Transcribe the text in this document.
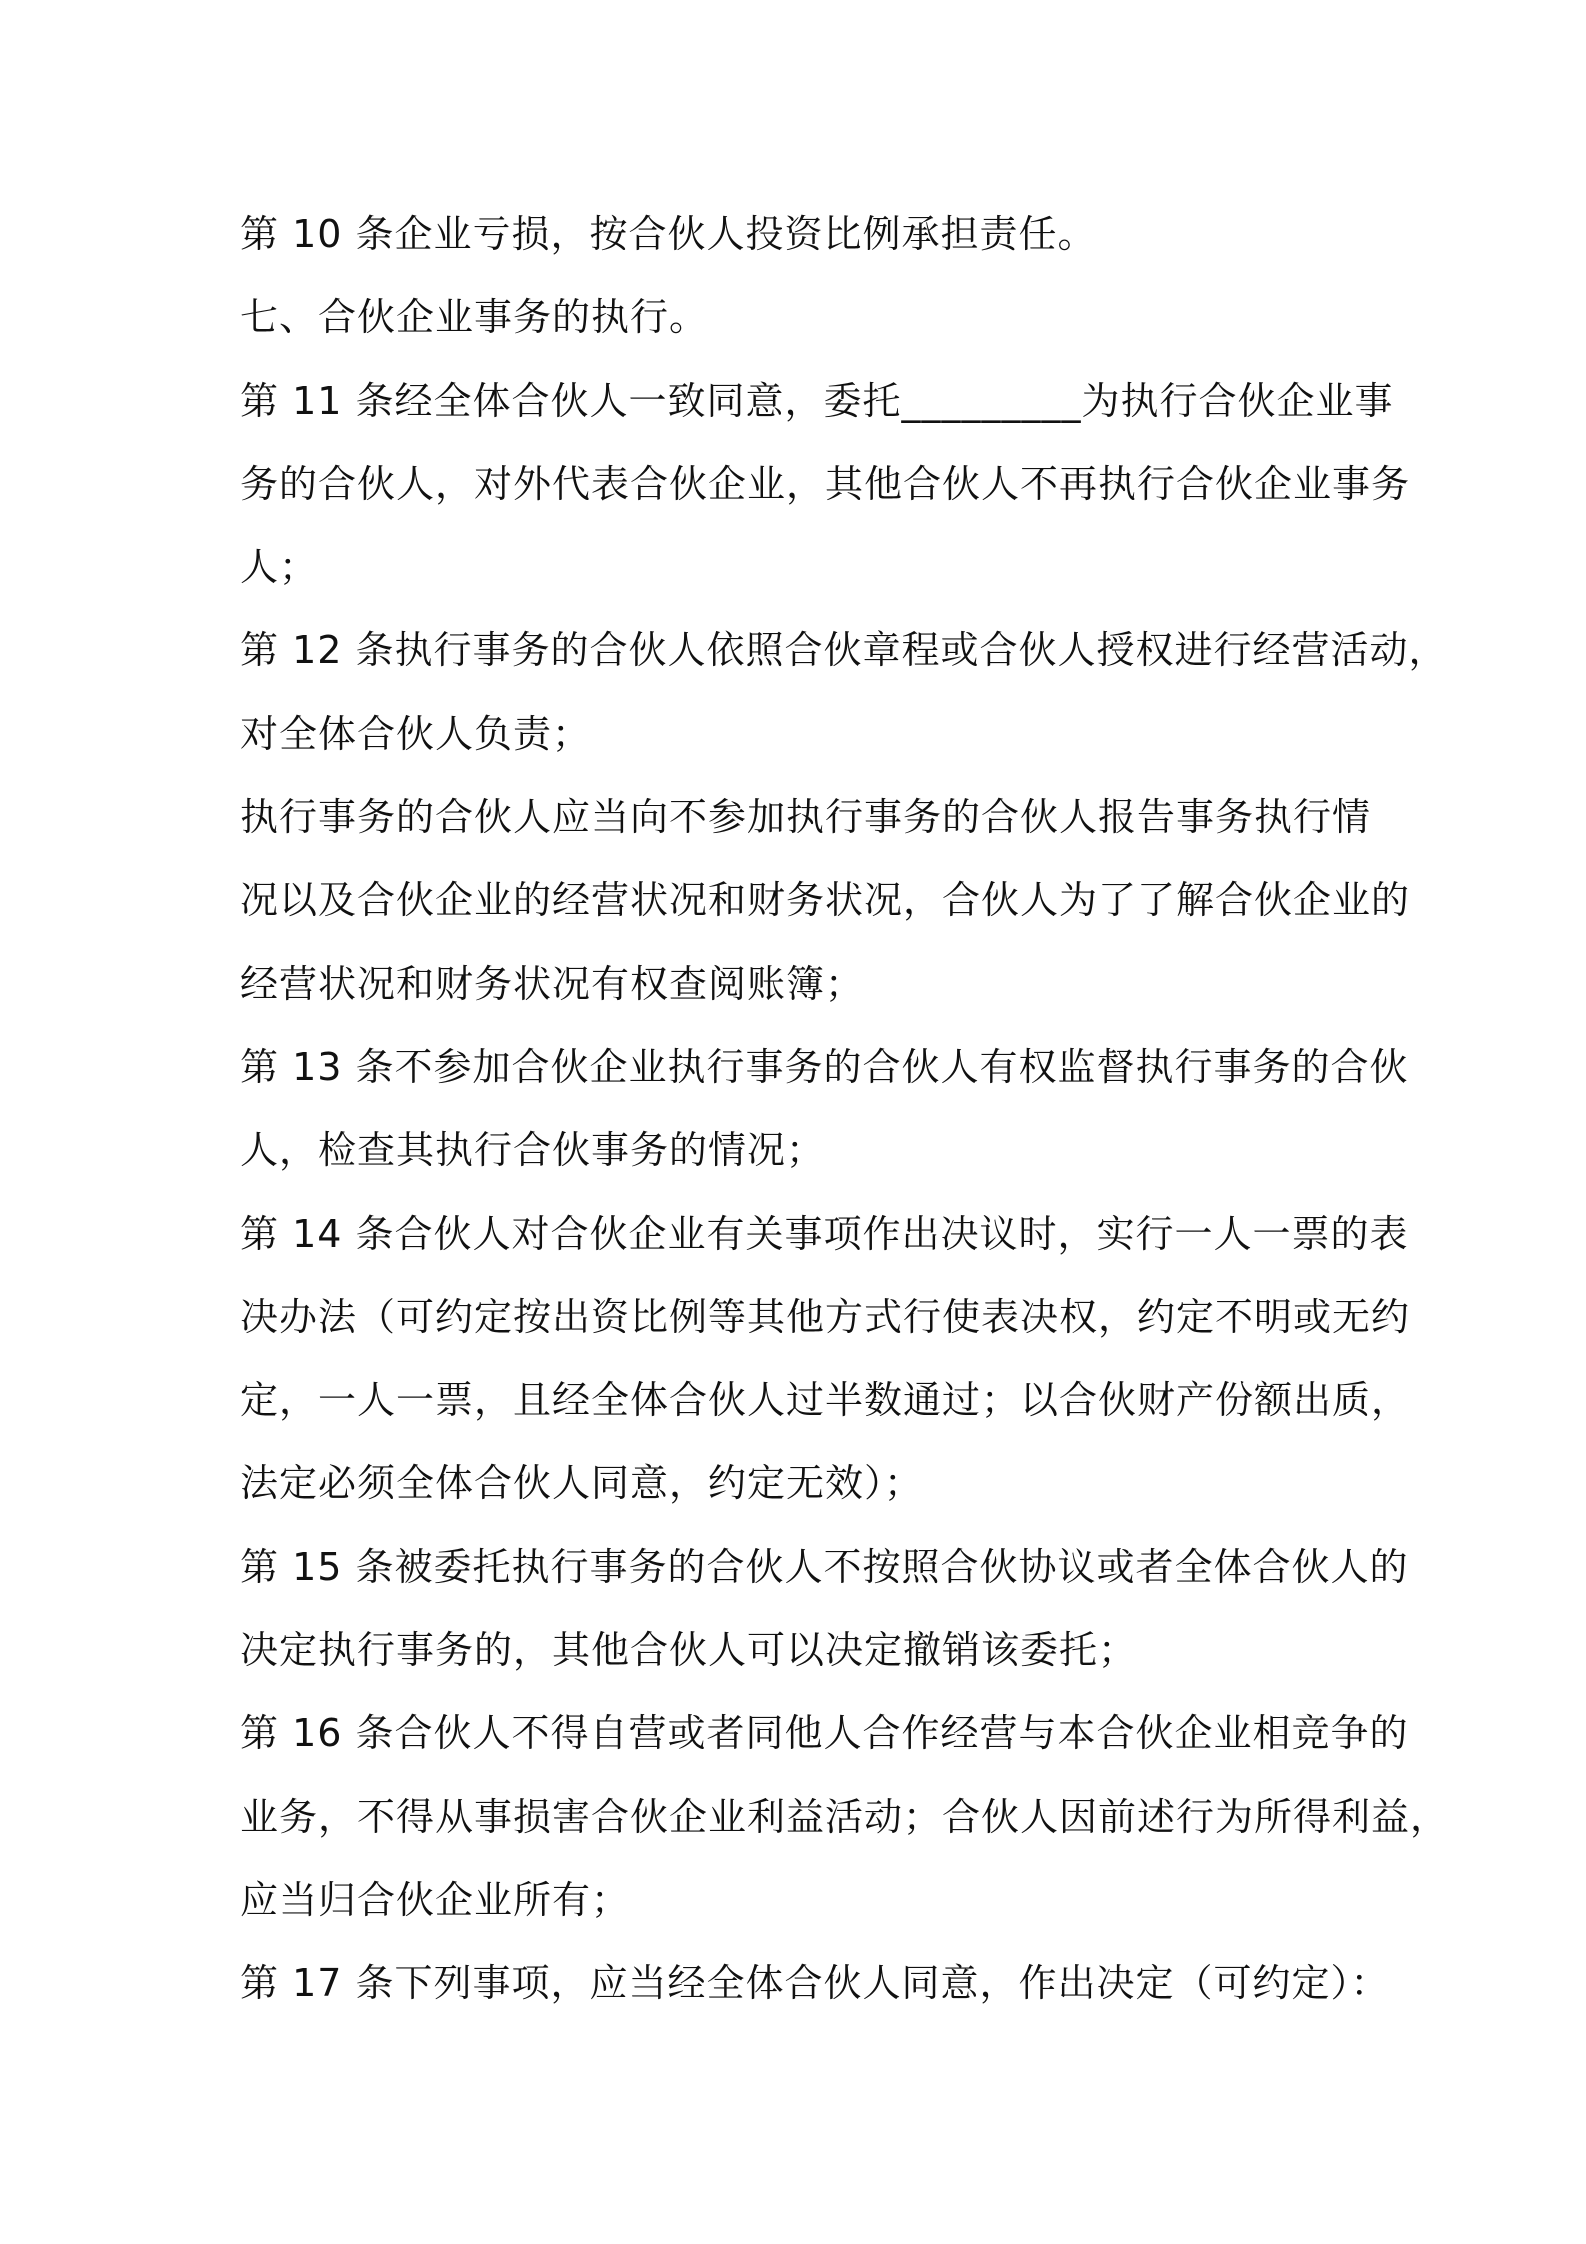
第 10 条企业亏损，按合伙人投资比例承担责任。
七、合伙企业事务的执行。
第 11 条经全体合伙人一致同意，委托_________为执行合伙企业事
务的合伙人，对外代表合伙企业，其他合伙人不再执行合伙企业事务
人；
第 12 条执行事务的合伙人依照合伙章程或合伙人授权进行经营活动，
对全体合伙人负责；
执行事务的合伙人应当向不参加执行事务的合伙人报告事务执行情
况以及合伙企业的经营状况和财务状况，合伙人为了了解合伙企业的
经营状况和财务状况有权查阅账簿；
第 13 条不参加合伙企业执行事务的合伙人有权监督执行事务的合伙
人，检查其执行合伙事务的情况；
第 14 条合伙人对合伙企业有关事项作出决议时，实行一人一票的表
决办法（可约定按出资比例等其他方式行使表决权，约定不明或无约
定，一人一票，且经全体合伙人过半数通过；以合伙财产份额出质，
法定必须全体合伙人同意，约定无效）；
第 15 条被委托执行事务的合伙人不按照合伙协议或者全体合伙人的
决定执行事务的，其他合伙人可以决定撤销该委托；
第 16 条合伙人不得自营或者同他人合作经营与本合伙企业相竞争的
业务，不得从事损害合伙企业利益活动；合伙人因前述行为所得利益，
应当归合伙企业所有；
第 17 条下列事项，应当经全体合伙人同意，作出决定（可约定）：
